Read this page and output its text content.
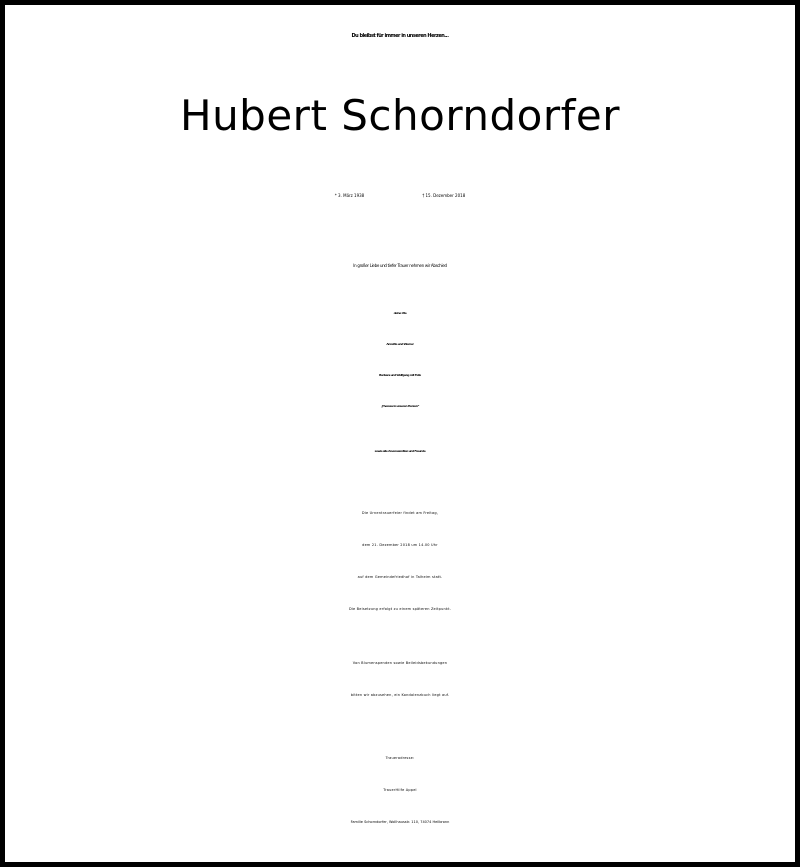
Du bleibst für immer in unseren Herzen...
Hubert Schorndorfer
* 3. März 1938	† 15. Dezember 2018
In großer Liebe und tiefer Trauer nehmen wir Abschied
deine Ute
Annette und Werner
Barbara und Wolfgang mit Felix
„Theresa in unseren Herzen“
sowie alle Anverwandten und Freunde
Die Urnentrauerfeier findet am Freitag,
dem 21. Dezember 2018 um 14.00 Uhr
auf dem Gemeindefriedhof in Talheim statt.
Die Beisetzung erfolgt zu einem späteren Zeitpunkt.
Von Blumenspenden sowie Beileidsbekundungen
bitten wir abzusehen, ein Kondolenzbuch liegt auf.
Traueradresse:
TrauerHilfe Appel
Familie Schorndorfer, Wollhausstr. 110, 74074 Heilbronn
